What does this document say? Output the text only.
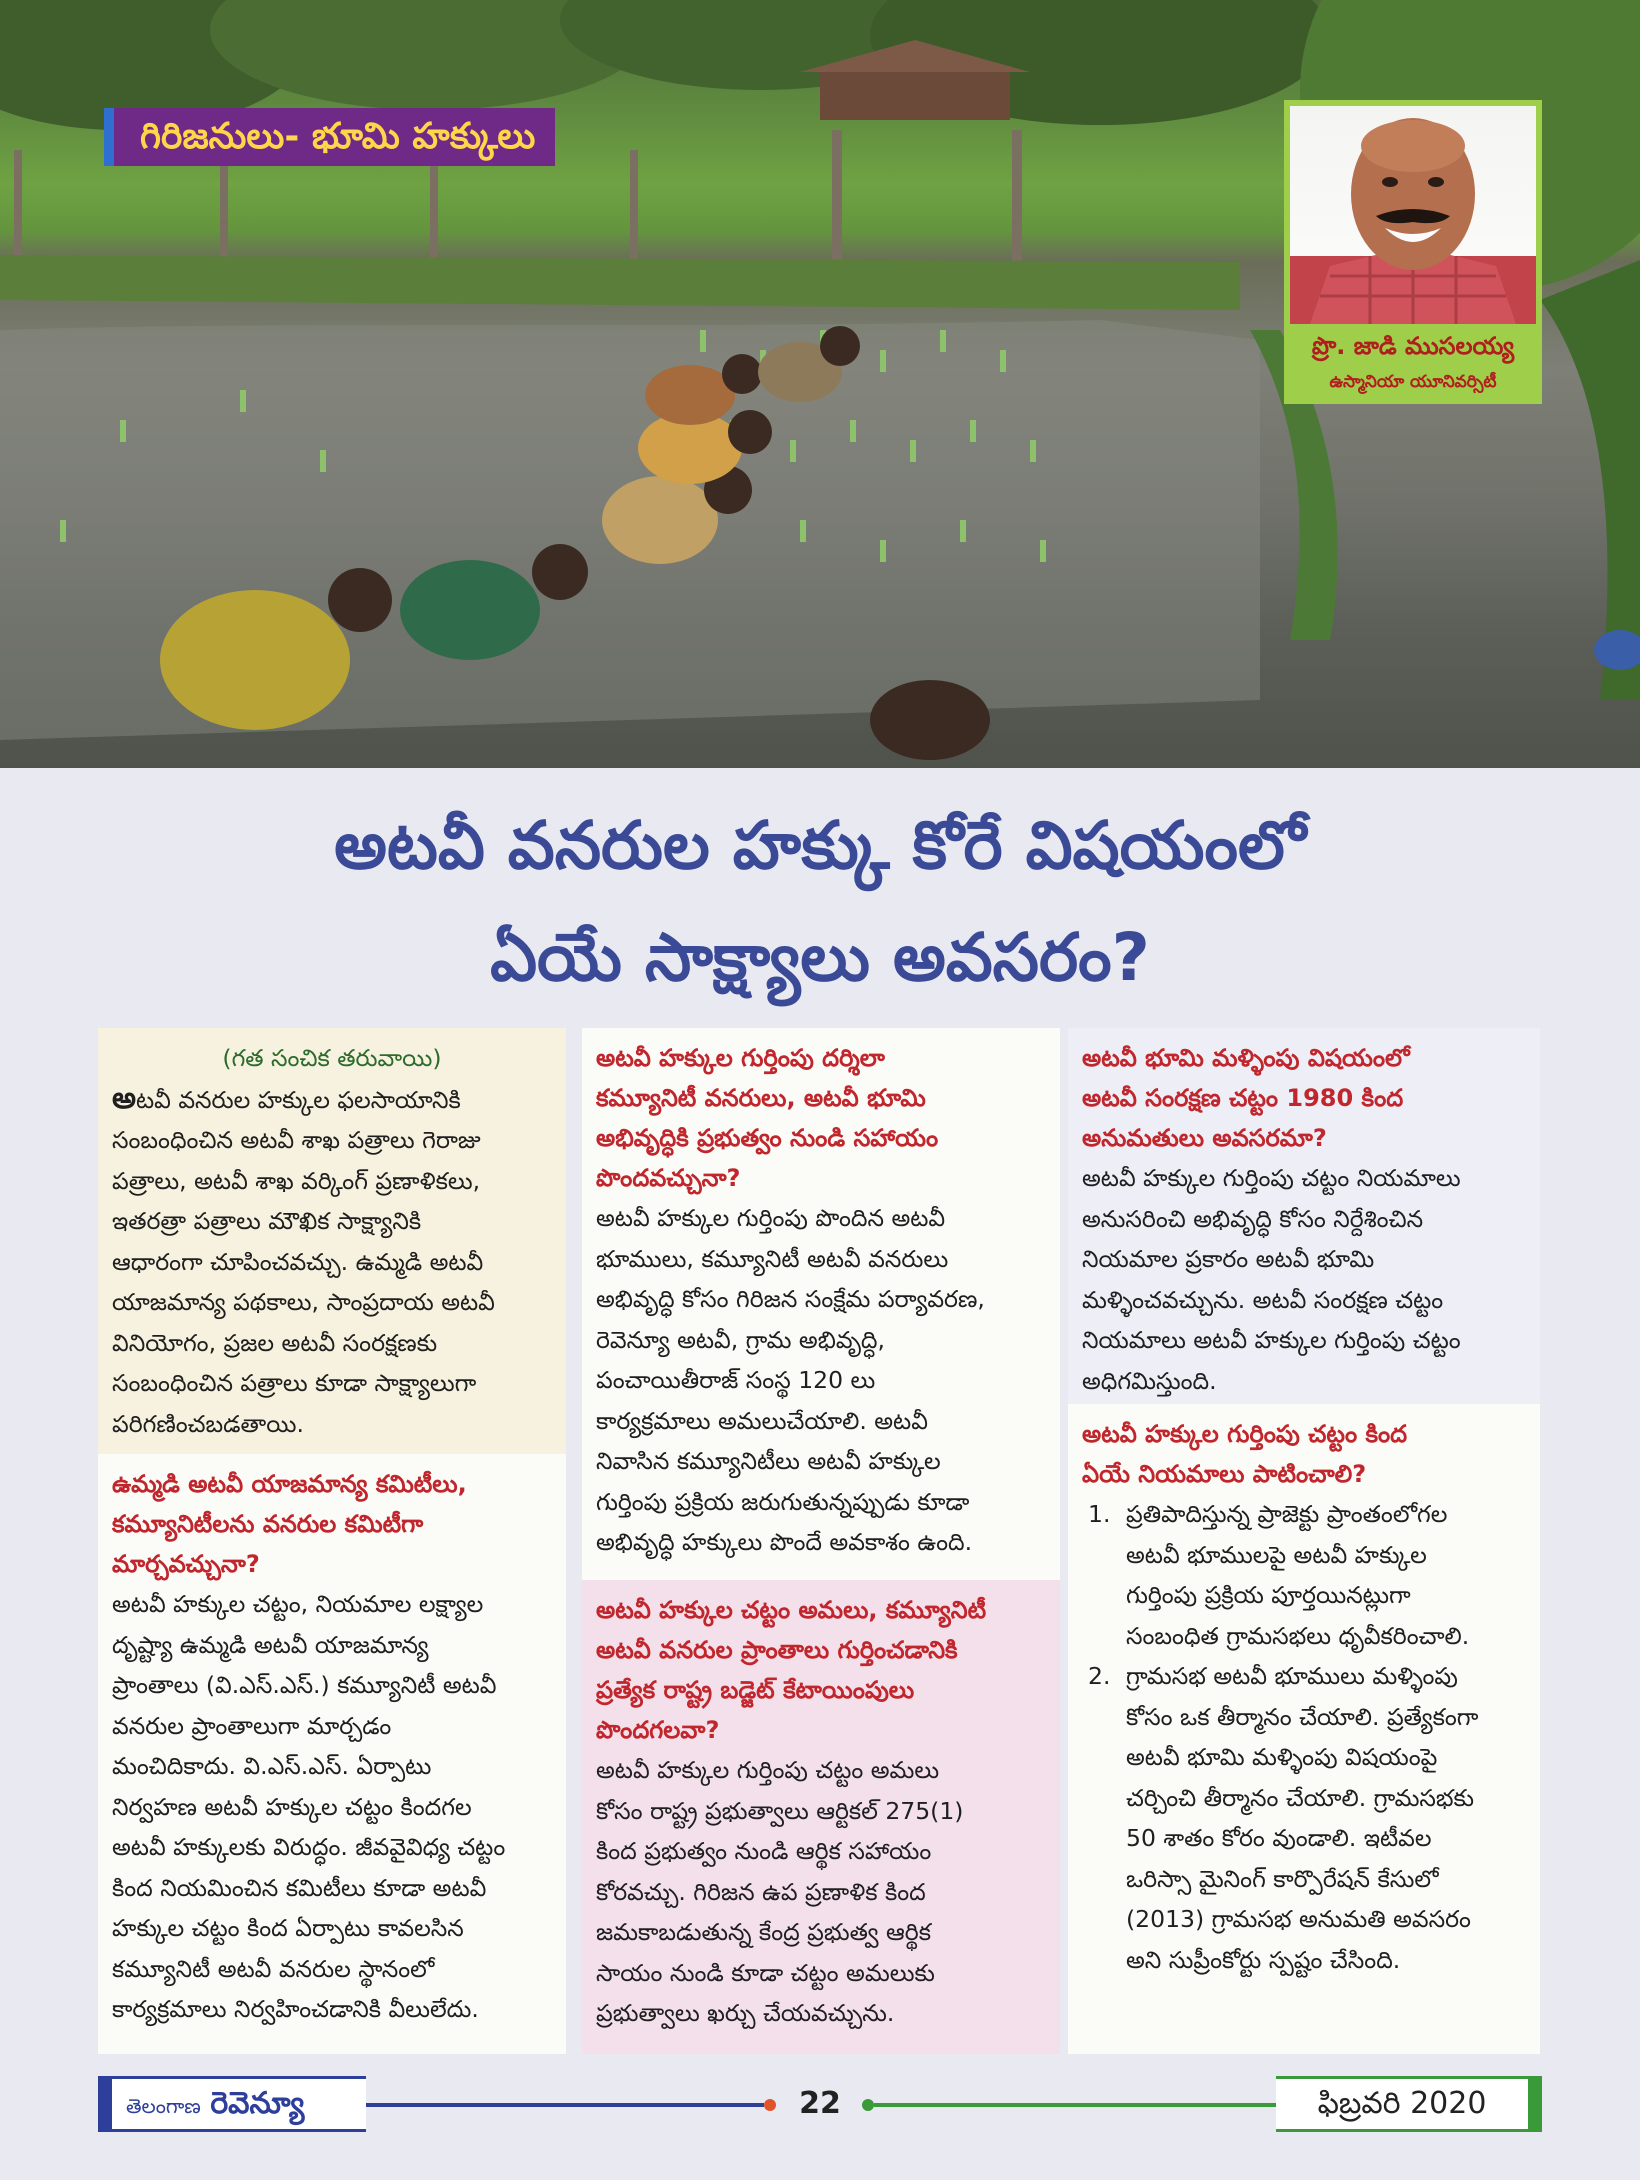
గిరిజనులు- భూమి హక్కులు
ప్రొ. జాడి ముసలయ్య
ఉస్మానియా యూనివర్సిటీ
అటవీ వనరుల హక్కు కోరే విషయంలో
ఏయే సాక్ష్యాలు అవసరం?
(గత సంచిక తరువాయి)
అటవీ వనరుల హక్కుల ఫలసాయానికి
సంబంధించిన అటవీ శాఖ పత్రాలు గెరాజు
పత్రాలు, అటవీ శాఖ వర్కింగ్ ప్రణాళికలు,
ఇతరత్రా పత్రాలు మౌఖిక సాక్ష్యానికి
ఆధారంగా చూపించవచ్చు. ఉమ్మడి అటవీ
యాజమాన్య పథకాలు, సాంప్రదాయ అటవీ
వినియోగం, ప్రజల అటవీ సంరక్షణకు
సంబంధించిన పత్రాలు కూడా సాక్ష్యాలుగా
పరిగణించబడతాయి.
ఉమ్మడి అటవీ యాజమాన్య కమిటీలు,
కమ్యూనిటీలను వనరుల కమిటీగా
మార్చవచ్చునా?
అటవీ హక్కుల చట్టం, నియమాల లక్ష్యాల
దృష్ట్యా ఉమ్మడి అటవీ యాజమాన్య
ప్రాంతాలు (వి.ఎస్.ఎస్.) కమ్యూనిటీ అటవీ
వనరుల ప్రాంతాలుగా మార్చడం
మంచిదికాదు. వి.ఎస్.ఎస్. ఏర్పాటు
నిర్వహణ అటవీ హక్కుల చట్టం కిందగల
అటవీ హక్కులకు విరుద్ధం. జీవవైవిధ్య చట్టం
కింద నియమించిన కమిటీలు కూడా అటవీ
హక్కుల చట్టం కింద ఏర్పాటు కావలసిన
కమ్యూనిటీ అటవీ వనరుల స్థానంలో
కార్యక్రమాలు నిర్వహించడానికి వీలులేదు.
అటవీ హక్కుల గుర్తింపు దర్శిలా
కమ్యూనిటీ వనరులు, అటవీ భూమి
అభివృద్ధికి ప్రభుత్వం నుండి సహాయం
పొందవచ్చునా?
అటవీ హక్కుల గుర్తింపు పొందిన అటవీ
భూములు, కమ్యూనిటీ అటవీ వనరులు
అభివృద్ధి కోసం గిరిజన సంక్షేమ పర్యావరణ,
రెవెన్యూ అటవీ, గ్రామ అభివృద్ధి,
పంచాయితీరాజ్ సంస్థ 120 లు
కార్యక్రమాలు అమలుచేయాలి. అటవీ
నివాసిన కమ్యూనిటీలు అటవీ హక్కుల
గుర్తింపు ప్రక్రియ జరుగుతున్నప్పుడు కూడా
అభివృద్ధి హక్కులు పొందే అవకాశం ఉంది.
అటవీ హక్కుల చట్టం అమలు, కమ్యూనిటీ
అటవీ వనరుల ప్రాంతాలు గుర్తించడానికి
ప్రత్యేక రాష్ట్ర బడ్జెట్ కేటాయింపులు
పొందగలవా?
అటవీ హక్కుల గుర్తింపు చట్టం అమలు
కోసం రాష్ట్ర ప్రభుత్వాలు ఆర్టికల్ 275(1)
కింద ప్రభుత్వం నుండి ఆర్థిక సహాయం
కోరవచ్చు. గిరిజన ఉప ప్రణాళిక కింద
జమకాబడుతున్న కేంద్ర ప్రభుత్వ ఆర్థిక
సాయం నుండి కూడా చట్టం అమలుకు
ప్రభుత్వాలు ఖర్చు చేయవచ్చును.
అటవీ భూమి మళ్ళింపు విషయంలో
అటవీ సంరక్షణ చట్టం 1980 కింద
అనుమతులు అవసరమా?
అటవీ హక్కుల గుర్తింపు చట్టం నియమాలు
అనుసరించి అభివృద్ధి కోసం నిర్దేశించిన
నియమాల ప్రకారం అటవీ భూమి
మళ్ళించవచ్చును. అటవీ సంరక్షణ చట్టం
నియమాలు అటవీ హక్కుల గుర్తింపు చట్టం
అధిగమిస్తుంది.
అటవీ హక్కుల గుర్తింపు చట్టం కింద
ఏయే నియమాలు పాటించాలి?
1. ప్రతిపాదిస్తున్న ప్రాజెక్టు ప్రాంతంలోగల
అటవీ భూములపై అటవీ హక్కుల
గుర్తింపు ప్రక్రియ పూర్తయినట్లుగా
సంబంధిత గ్రామసభలు ధృవీకరించాలి.
2. గ్రామసభ అటవీ భూములు మళ్ళింపు
కోసం ఒక తీర్మానం చేయాలి. ప్రత్యేకంగా
అటవీ భూమి మళ్ళింపు విషయంపై
చర్చించి తీర్మానం చేయాలి. గ్రామసభకు
50 శాతం కోరం వుండాలి. ఇటీవల
ఒరిస్సా మైనింగ్ కార్పొరేషన్ కేసులో
(2013) గ్రామసభ అనుమతి అవసరం
అని సుప్రీంకోర్టు స్పష్టం చేసింది.
తెలంగాణ రెవెన్యూ	22	ఫిబ్రవరి 2020
